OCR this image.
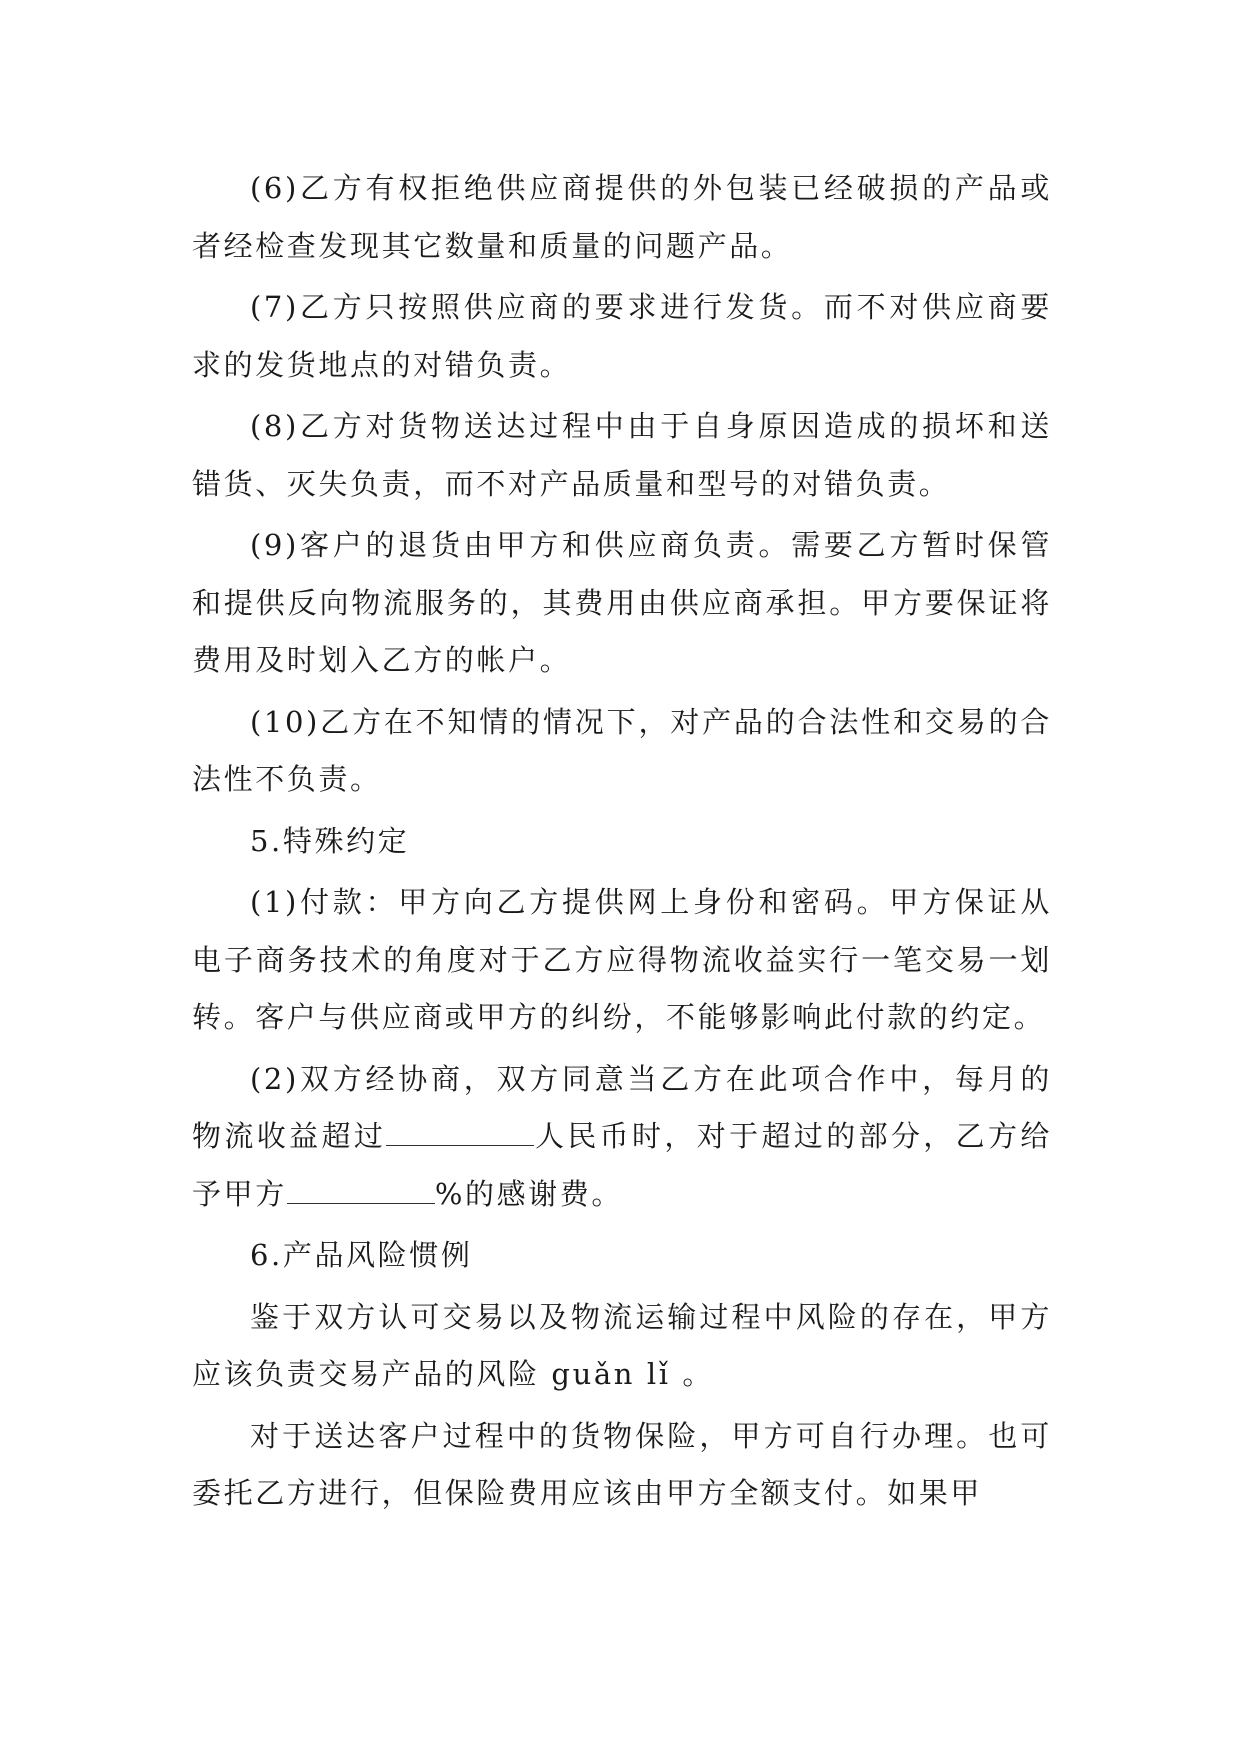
(6)乙方有权拒绝供应商提供的外包装已经破损的产品或者经检查发现其它数量和质量的问题产品。

(7)乙方只按照供应商的要求进行发货。而不对供应商要求的发货地点的对错负责。

(8)乙方对货物送达过程中由于自身原因造成的损坏和送错货、灭失负责，而不对产品质量和型号的对错负责。

(9)客户的退货由甲方和供应商负责。需要乙方暂时保管和提供反向物流服务的，其费用由供应商承担。甲方要保证将费用及时划入乙方的帐户。

(10)乙方在不知情的情况下，对产品的合法性和交易的合法性不负责。

5.特殊约定

(1)付款：甲方向乙方提供网上身份和密码。甲方保证从电子商务技术的角度对于乙方应得物流收益实行一笔交易一划转。客户与供应商或甲方的纠纷，不能够影响此付款的约定。

(2)双方经协商，双方同意当乙方在此项合作中，每月的物流收益超过	人民币时，对于超过的部分，乙方给予甲方	%的感谢费。

6.产品风险惯例

鉴于双方认可交易以及物流运输过程中风险的存在，甲方应该负责交易产品的风险 guǎn lǐ 。

对于送达客户过程中的货物保险，甲方可自行办理。也可委托乙方进行，但保险费用应该由甲方全额支付。如果甲
